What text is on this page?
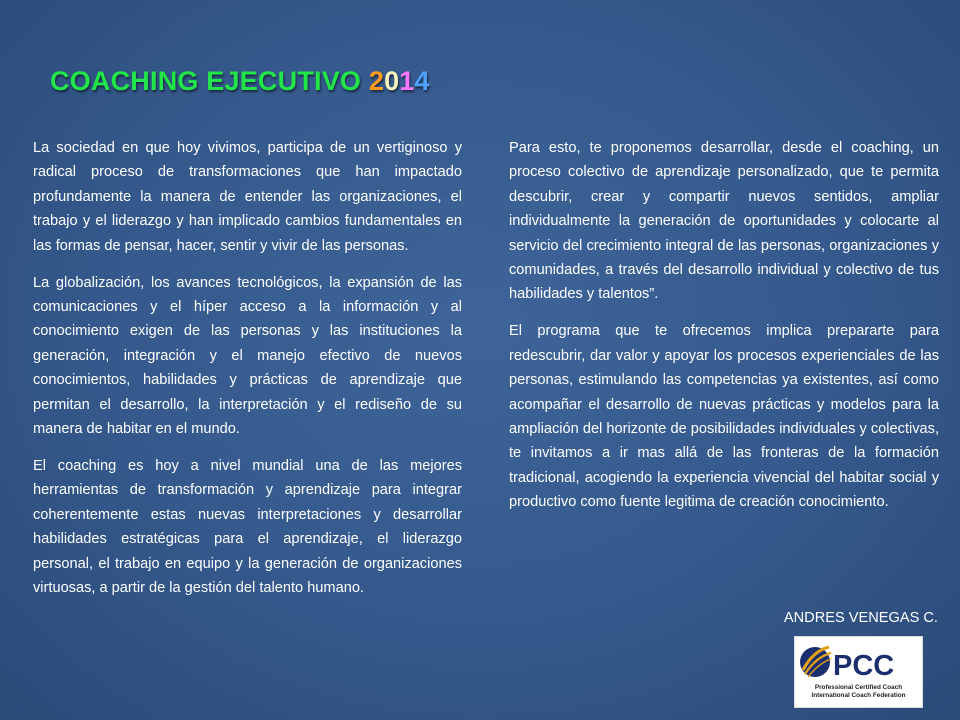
COACHING EJECUTIVO 2014

La sociedad en que hoy vivimos, participa de un vertiginoso y radical proceso de transformaciones que han impactado profundamente la manera de entender las organizaciones, el trabajo y el liderazgo y han implicado cambios fundamentales en las formas de pensar, hacer, sentir y vivir de las personas.

La globalización, los avances tecnológicos, la expansión de las comunicaciones y el híper acceso a la información y al conocimiento exigen de las personas y las instituciones la generación, integración y el manejo efectivo de nuevos conocimientos, habilidades y prácticas de aprendizaje que permitan el desarrollo, la interpretación y el rediseño de su manera de habitar en el mundo.

El coaching es hoy a nivel mundial una de las mejores herramientas de transformación y aprendizaje para integrar coherentemente estas nuevas interpretaciones y desarrollar habilidades estratégicas para el aprendizaje, el liderazgo personal, el trabajo en equipo y la generación de organizaciones virtuosas, a partir de la gestión del talento humano.

Para esto, te proponemos desarrollar, desde el coaching, un proceso colectivo de aprendizaje personalizado, que te permita descubrir, crear y compartir nuevos sentidos, ampliar individualmente la generación de oportunidades y colocarte al servicio del crecimiento integral de las personas, organizaciones y comunidades, a través del desarrollo individual y colectivo de tus habilidades y talentos”.

El programa que te ofrecemos implica prepararte para redescubrir, dar valor y apoyar los procesos experienciales de las personas, estimulando las competencias ya existentes, así como acompañar el desarrollo de nuevas prácticas y modelos para la ampliación del horizonte de posibilidades individuales y colectivas, te invitamos a ir mas allá de las fronteras de la formación tradicional, acogiendo la experiencia vivencial del habitar social y productivo como fuente legitima de creación conocimiento.

ANDRES VENEGAS C.
PCC
Professional Certified Coach
International Coach Federation
